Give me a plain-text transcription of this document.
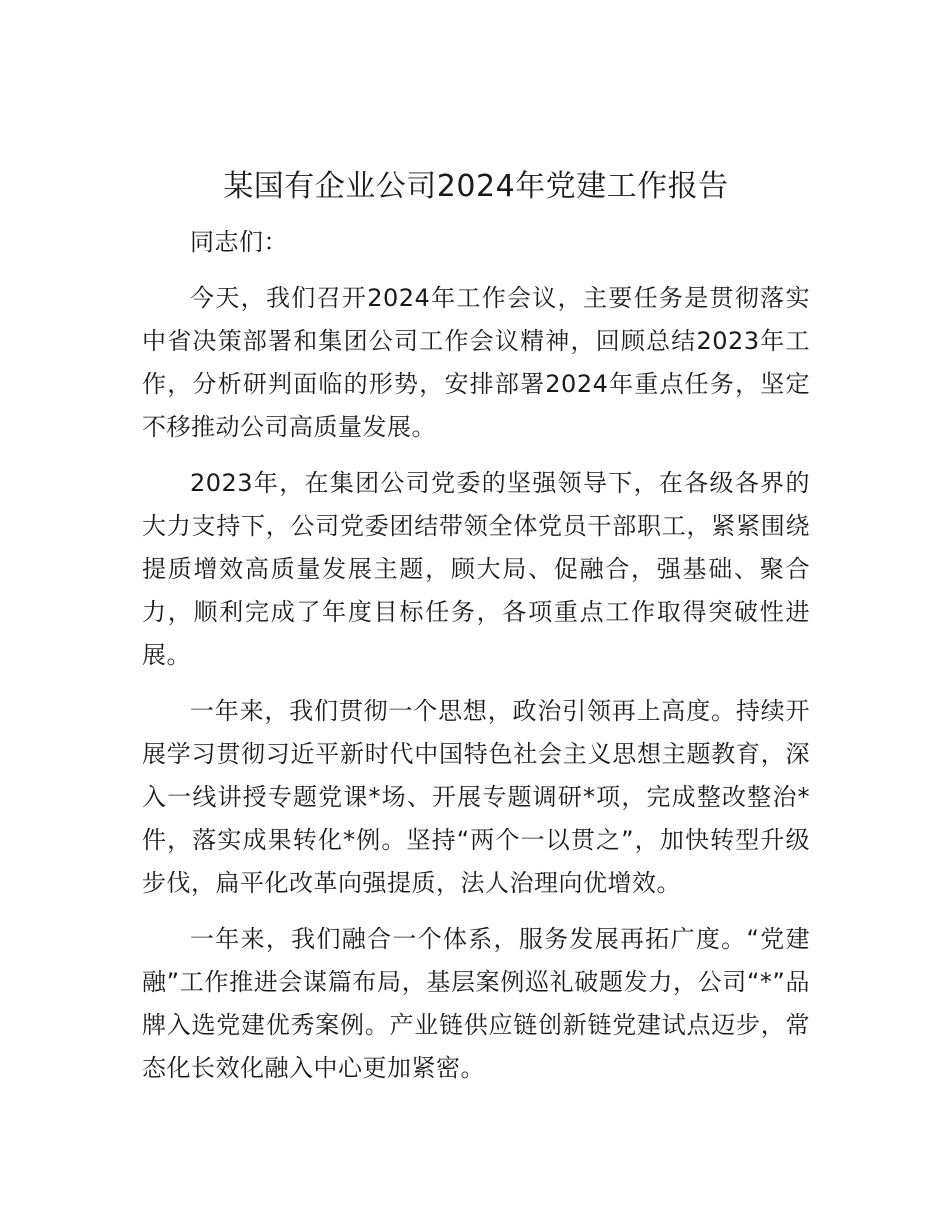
某国有企业公司2024年党建工作报告

同志们：

今天，我们召开2024年工作会议，主要任务是贯彻落实中省决策部署和集团公司工作会议精神，回顾总结2023年工作，分析研判面临的形势，安排部署2024年重点任务，坚定不移推动公司高质量发展。

2023年，在集团公司党委的坚强领导下，在各级各界的大力支持下，公司党委团结带领全体党员干部职工，紧紧围绕提质增效高质量发展主题，顾大局、促融合，强基础、聚合力，顺利完成了年度目标任务，各项重点工作取得突破性进展。

一年来，我们贯彻一个思想，政治引领再上高度。持续开展学习贯彻习近平新时代中国特色社会主义思想主题教育，深入一线讲授专题党课*场、开展专题调研*项，完成整改整治*件，落实成果转化*例。坚持“两个一以贯之”，加快转型升级步伐，扁平化改革向强提质，法人治理向优增效。

一年来，我们融合一个体系，服务发展再拓广度。“党建融”工作推进会谋篇布局，基层案例巡礼破题发力，公司“*”品牌入选党建优秀案例。产业链供应链创新链党建试点迈步，常态化长效化融入中心更加紧密。
